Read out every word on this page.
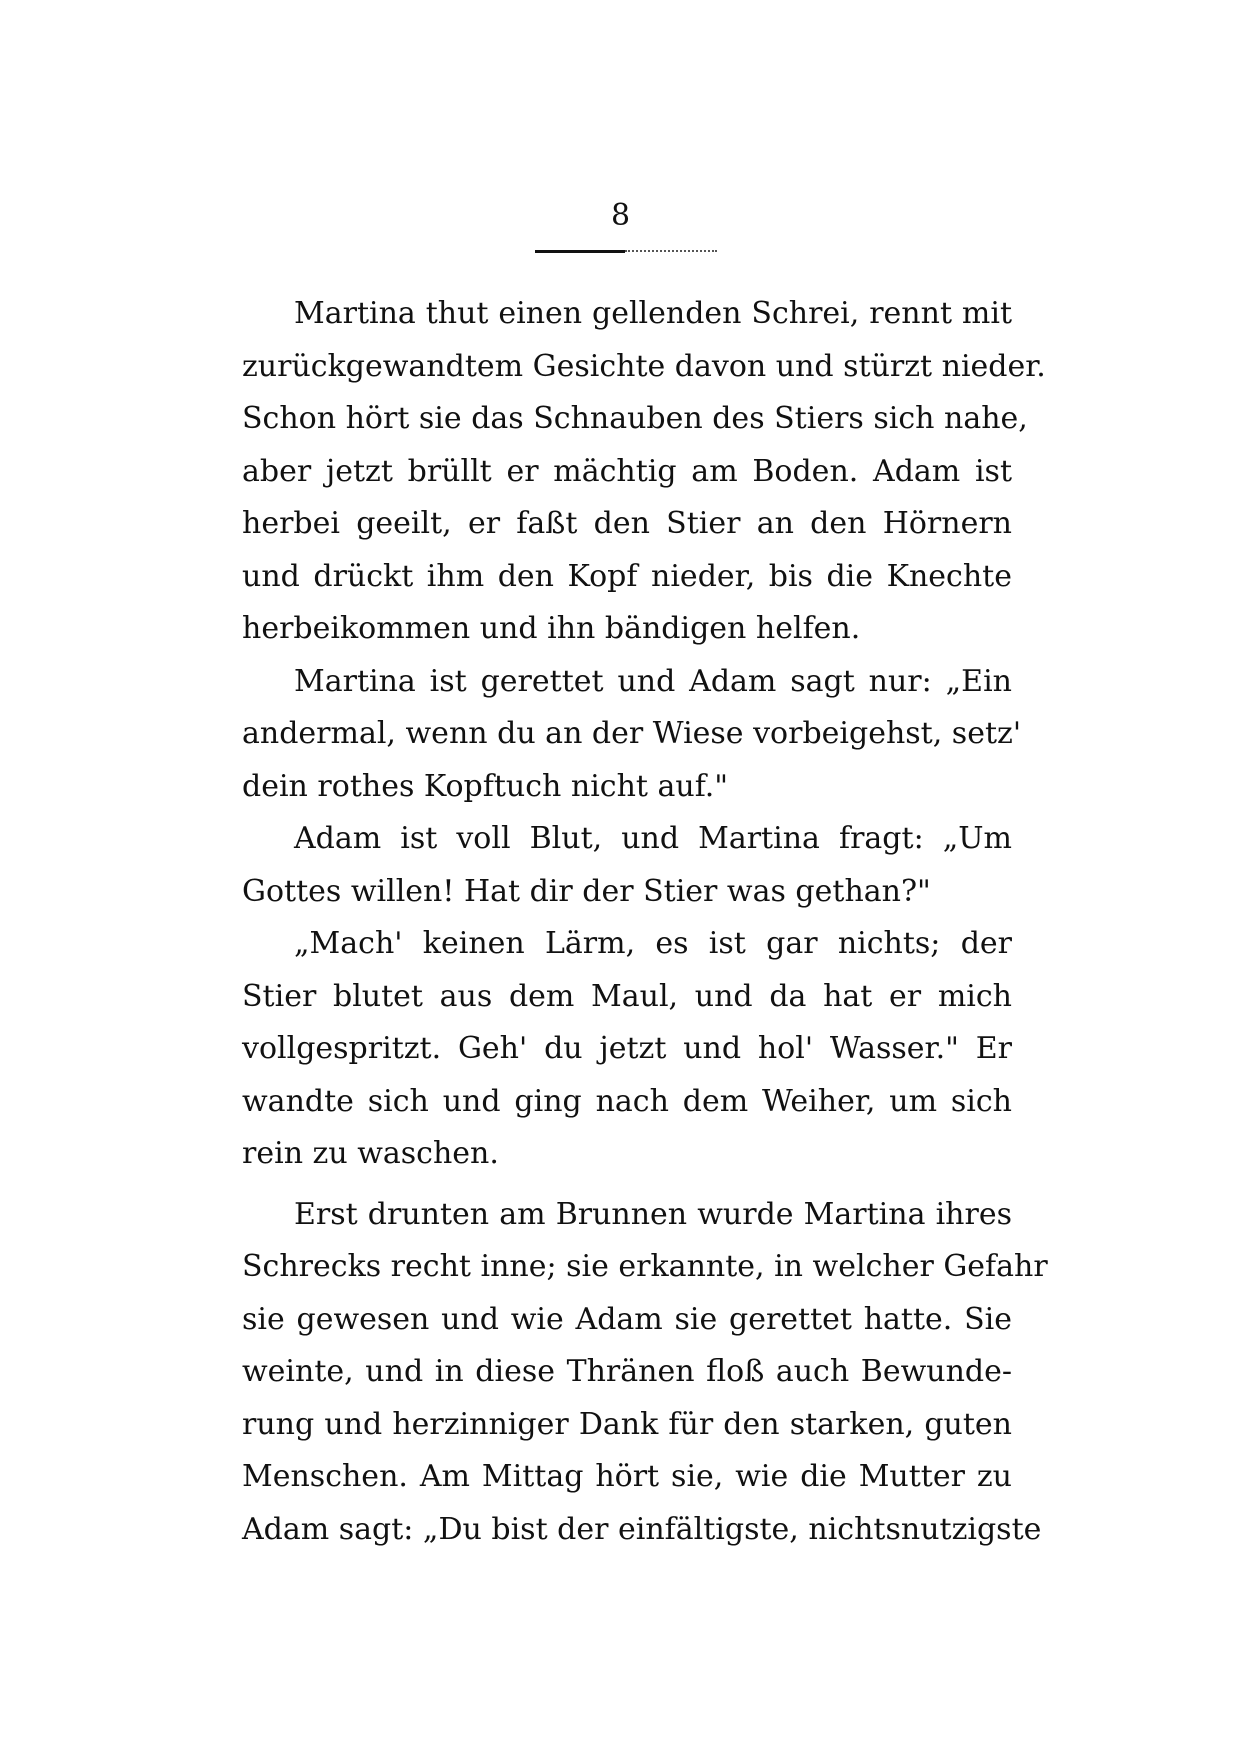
8
Martina thut einen gellenden Schrei, rennt mit
zurückgewandtem Gesichte davon und stürzt nieder.
Schon hört sie das Schnauben des Stiers sich nahe,
aber jetzt brüllt er mächtig am Boden. Adam ist
herbei geeilt, er faßt den Stier an den Hörnern
und drückt ihm den Kopf nieder, bis die Knechte
herbeikommen und ihn bändigen helfen.
Martina ist gerettet und Adam sagt nur: „Ein
andermal, wenn du an der Wiese vorbeigehst, setz'
dein rothes Kopftuch nicht auf."
Adam ist voll Blut, und Martina fragt: „Um
Gottes willen! Hat dir der Stier was gethan?"
„Mach' keinen Lärm, es ist gar nichts; der
Stier blutet aus dem Maul, und da hat er mich
vollgespritzt. Geh' du jetzt und hol' Wasser." Er
wandte sich und ging nach dem Weiher, um sich
rein zu waschen.
Erst drunten am Brunnen wurde Martina ihres
Schrecks recht inne; sie erkannte, in welcher Gefahr
sie gewesen und wie Adam sie gerettet hatte. Sie
weinte, und in diese Thränen floß auch Bewunde-
rung und herzinniger Dank für den starken, guten
Menschen. Am Mittag hört sie, wie die Mutter zu
Adam sagt: „Du bist der einfältigste, nichtsnutzigste
